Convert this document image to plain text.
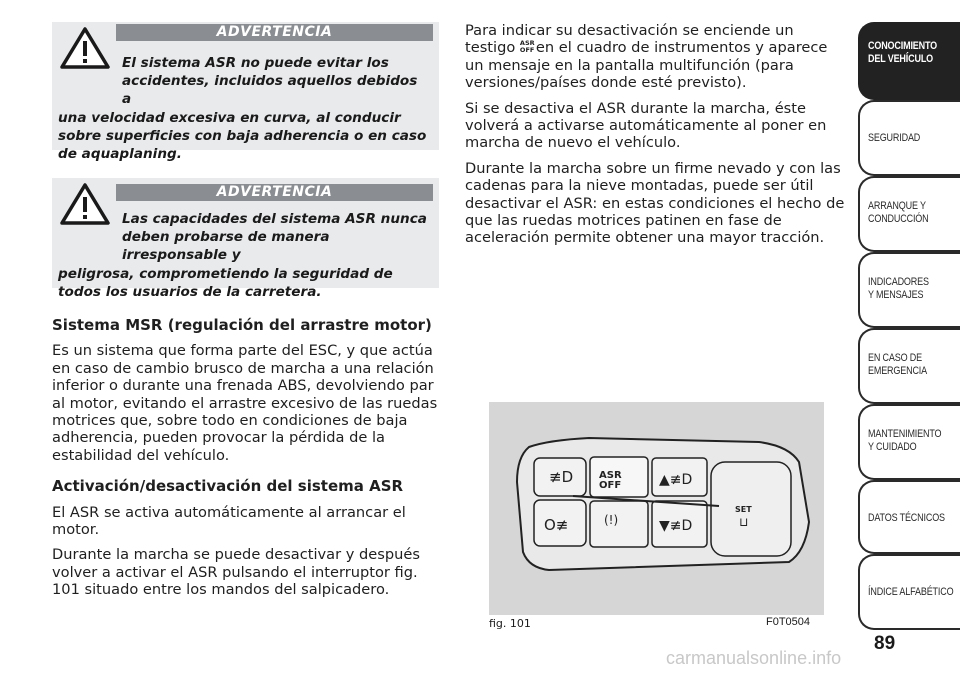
ADVERTENCIA
El sistema ASR no puede evitar los accidentes, incluidos aquellos debidos a
una velocidad excesiva en curva, al conducir sobre superficies con baja adherencia o en caso de aquaplaning.
ADVERTENCIA
Las capacidades del sistema ASR nunca deben probarse de manera irresponsable y
peligrosa, comprometiendo la seguridad de todos los usuarios de la carretera.
Sistema MSR (regulación del arrastre motor)

Es un sistema que forma parte del ESC, y que actúa en caso de cambio brusco de marcha a una relación inferior o durante una frenada ABS, devolviendo par al motor, evitando el arrastre excesivo de las ruedas motrices que, sobre todo en condiciones de baja adherencia, pueden provocar la pérdida de la estabilidad del vehículo.

Activación/desactivación del sistema ASR

El ASR se activa automáticamente al arrancar el motor.

Durante la marcha se puede desactivar y después volver a activar el ASR pulsando el interruptor fig. 101 situado entre los mandos del salpicadero.

Para indicar su desactivación se enciende un testigo ASR
OFF en el cuadro de instrumentos y aparece un mensaje en la pantalla multifunción (para versiones/países donde esté previsto).

Si se desactiva el ASR durante la marcha, éste volverá a activarse automáticamente al poner en marcha de nuevo el vehículo.

Durante la marcha sobre un firme nevado y con las cadenas para la nieve montadas, puede ser útil desactivar el ASR: en estas condiciones el hecho de que las ruedas motrices patinen en fase de aceleración permite obtener una mayor tracción.

≢D	ASR
OFF	▲≢D
O≢	(!)	▼≢D
SET
⊔
fig. 101	F0T0504
CONOCIMIENTO DEL VEHÍCULO
SEGURIDAD
ARRANQUE Y CONDUCCIÓN
INDICADORES Y MENSAJES
EN CASO DE EMERGENCIA
MANTENIMIENTO Y CUIDADO
DATOS TÉCNICOS
ÍNDICE ALFABÉTICO
89
carmanualsonline.info
